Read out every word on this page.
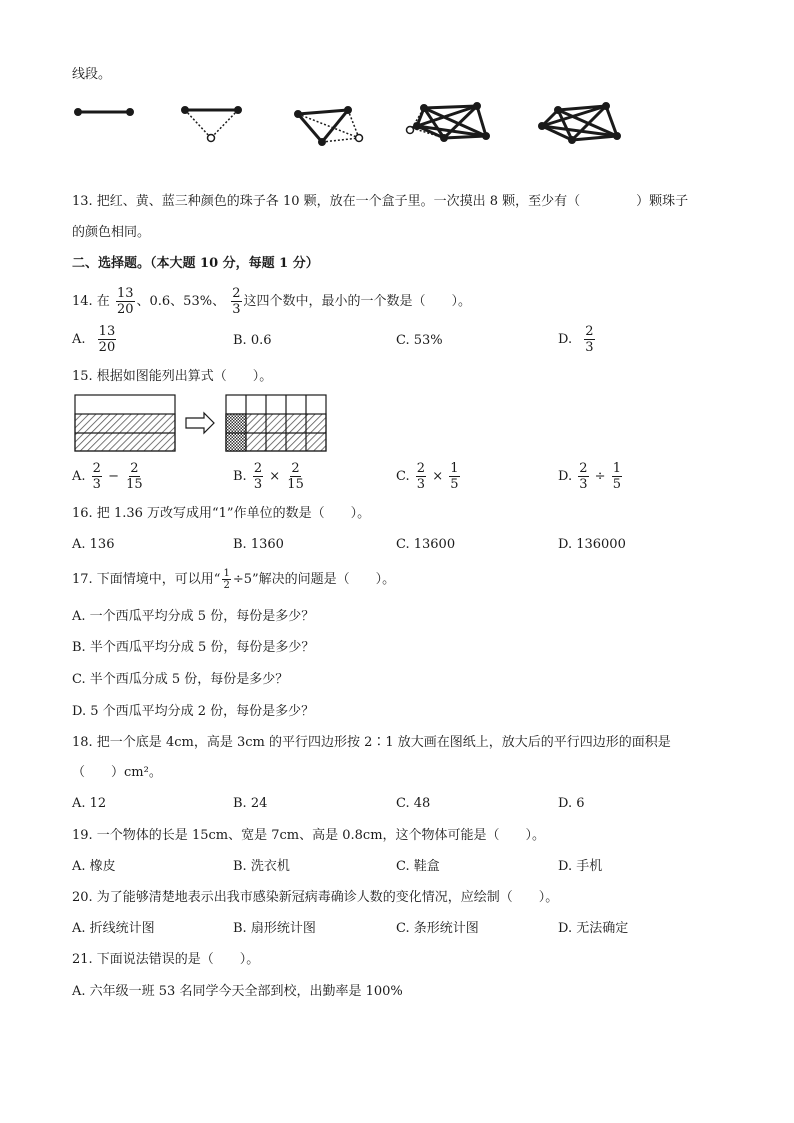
线段。
13. 把红、黄、蓝三种颜色的珠子各 10 颗，放在一个盒子里。一次摸出 8 颗，至少有（	）颗珠子
的颜色相同。
二、选择题。（本大题 10 分，每题 1 分）
14. 在 $\frac{13}{20}$ 、0.6、53%、 $\frac{2}{3}$ 这四个数中，最小的一个数是（　　）。
A. $\frac{13}{20}$	B. 0.6	C. 53%	D. $\frac{2}{3}$
15. 根据如图能列出算式（　　）。
A. $\frac{2}{3} - \frac{2}{15}$	B. $\frac{2}{3} \times \frac{2}{15}$	C. $\frac{2}{3} \times \frac{1}{5}$	D. $\frac{2}{3} \div \frac{1}{5}$
16. 把 1.36 万改写成用“1”作单位的数是（　　）。
A. 136	B. 1360	C. 13600	D. 136000
17. 下面情境中，可以用“ $\frac{1}{2} \div 5$”解决的问题是（　　）。
A. 一个西瓜平均分成 5 份，每份是多少？
B. 半个西瓜平均分成 5 份，每份是多少？
C. 半个西瓜分成 5 份，每份是多少？
D. 5 个西瓜平均分成 2 份，每份是多少？
18. 把一个底是 4cm，高是 3cm 的平行四边形按 2∶1 放大画在图纸上，放大后的平行四边形的面积是
（　　）cm²。
A. 12	B. 24	C. 48	D. 6
19. 一个物体的长是 15cm、宽是 7cm、高是 0.8cm，这个物体可能是（　　）。
A. 橡皮	B. 洗衣机	C. 鞋盒	D. 手机
20. 为了能够清楚地表示出我市感染新冠病毒确诊人数的变化情况，应绘制（　　）。
A. 折线统计图	B. 扇形统计图	C. 条形统计图	D. 无法确定
21. 下面说法错误的是（　　）。
A. 六年级一班 53 名同学今天全部到校，出勤率是 100%
